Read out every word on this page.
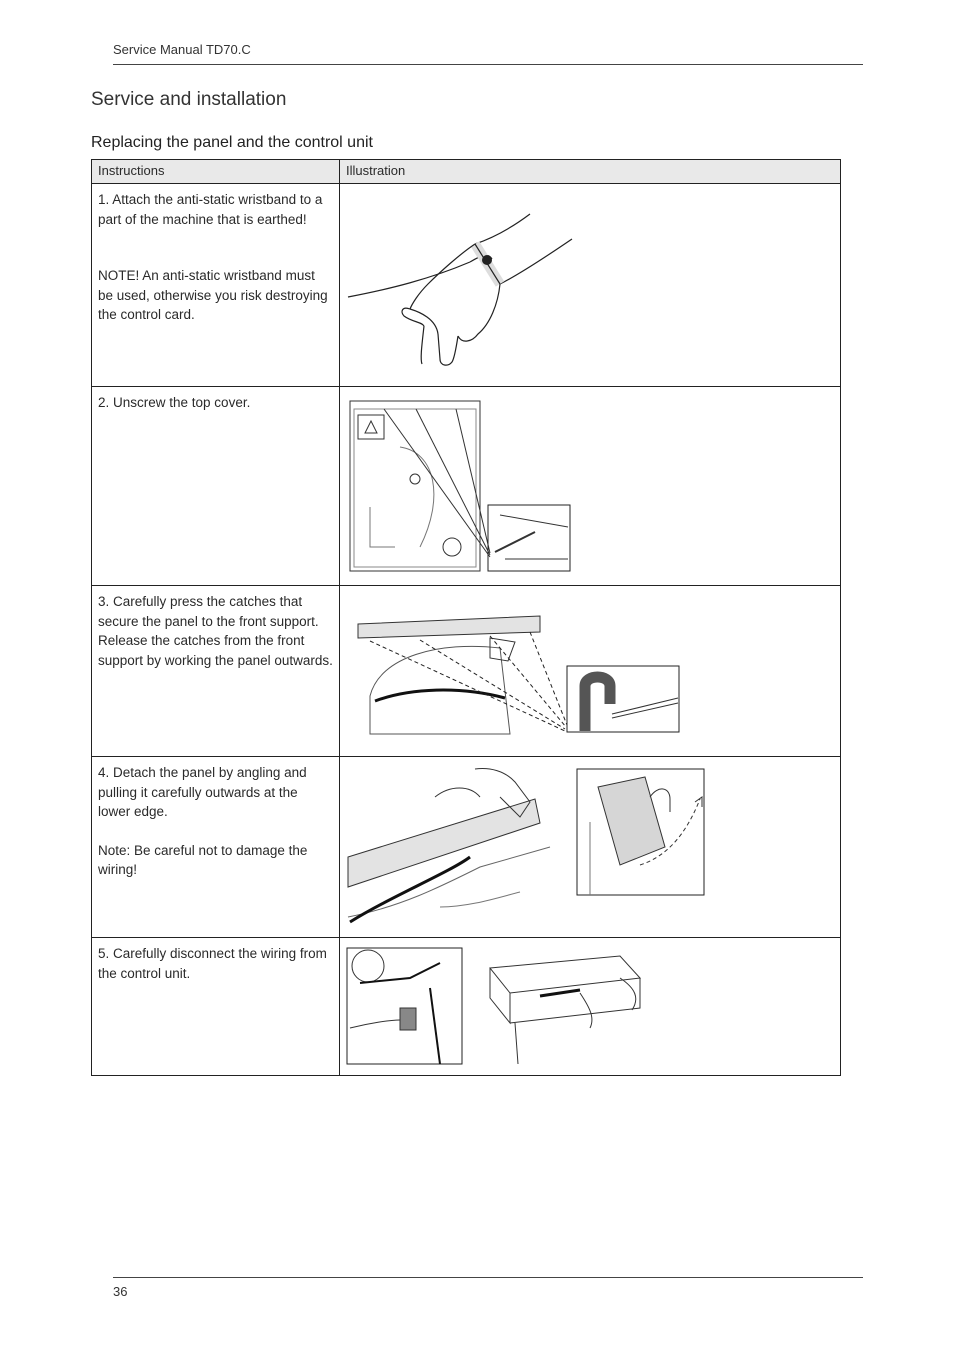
Service Manual TD70.C
Service and installation
Replacing the panel and the control unit
Instructions	Illustration

1. Attach the anti-static wristband to a part of the machine that is earthed!

NOTE! An anti-static wristband must be used, otherwise you risk destroying the control card.

2. Unscrew the top cover.

3. Carefully press the catches that secure the panel to the front support. Release the catches from the front support by working the panel outwards.

4. Detach the panel by angling and pulling it carefully outwards at the lower edge.

Note: Be careful not to damage the wiring!

5. Carefully disconnect the wiring from the control unit.

36
